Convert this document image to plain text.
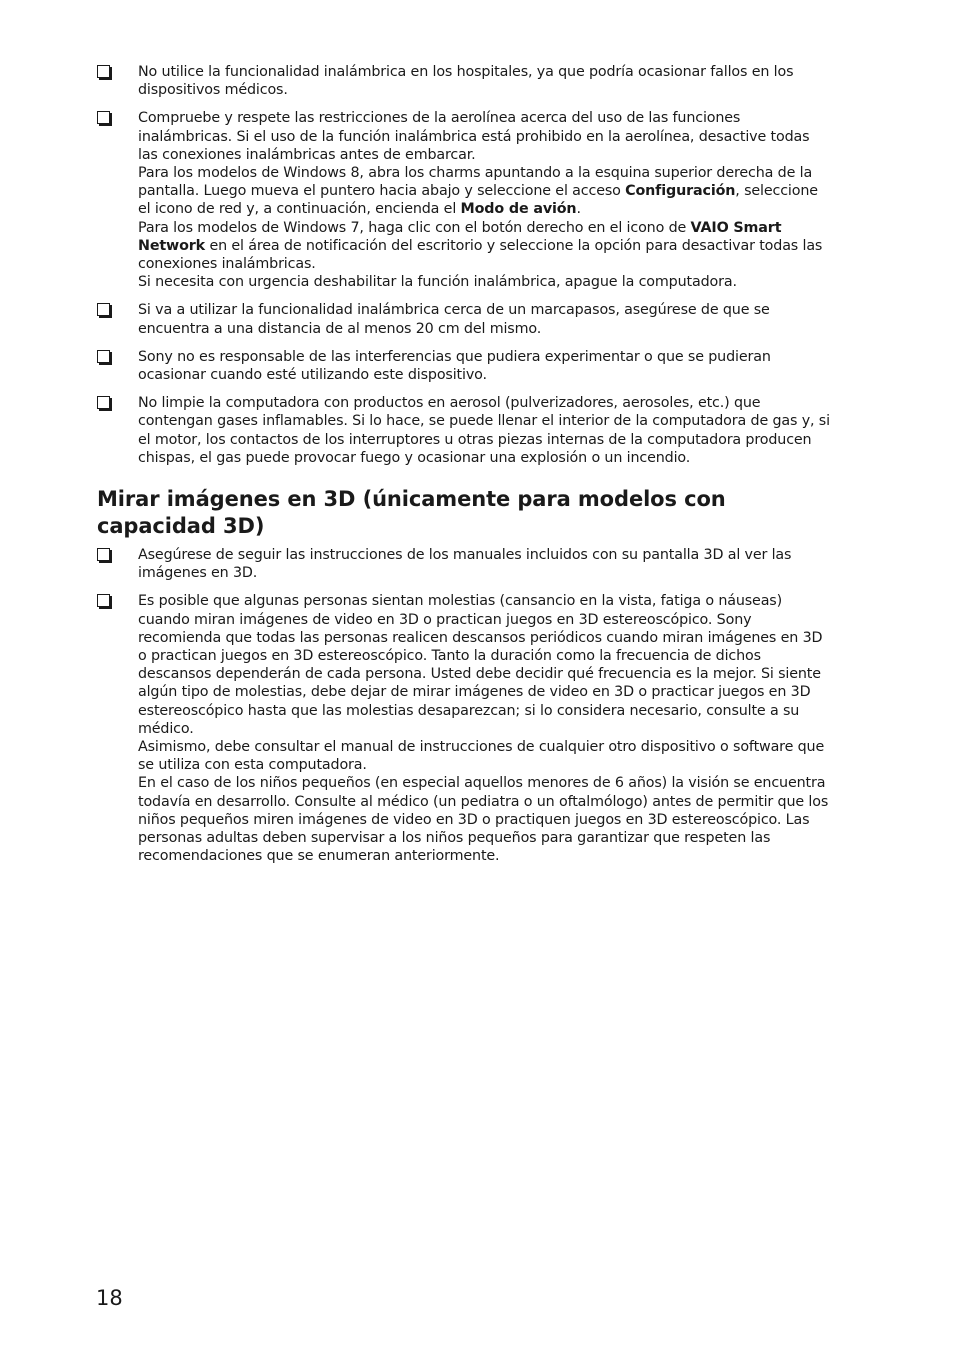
No utilice la funcionalidad inalámbrica en los hospitales, ya que podría ocasionar fallos en los dispositivos médicos.

Compruebe y respete las restricciones de la aerolínea acerca del uso de las funciones inalámbricas. Si el uso de la función inalámbrica está prohibido en la aerolínea, desactive todas las conexiones inalámbricas antes de embarcar.

Para los modelos de Windows 8, abra los charms apuntando a la esquina superior derecha de la pantalla. Luego mueva el puntero hacia abajo y seleccione el acceso Configuración, seleccione el icono de red y, a continuación, encienda el Modo de avión.

Para los modelos de Windows 7, haga clic con el botón derecho en el icono de VAIO Smart Network en el área de notificación del escritorio y seleccione la opción para desactivar todas las conexiones inalámbricas.

Si necesita con urgencia deshabilitar la función inalámbrica, apague la computadora.

Si va a utilizar la funcionalidad inalámbrica cerca de un marcapasos, asegúrese de que se encuentra a una distancia de al menos 20 cm del mismo.

Sony no es responsable de las interferencias que pudiera experimentar o que se pudieran ocasionar cuando esté utilizando este dispositivo.

No limpie la computadora con productos en aerosol (pulverizadores, aerosoles, etc.) que contengan gases inflamables. Si lo hace, se puede llenar el interior de la computadora de gas y, si el motor, los contactos de los interruptores u otras piezas internas de la computadora producen chispas, el gas puede provocar fuego y ocasionar una explosión o un incendio.

Mirar imágenes en 3D (únicamente para modelos con capacidad 3D)

Asegúrese de seguir las instrucciones de los manuales incluidos con su pantalla 3D al ver las imágenes en 3D.

Es posible que algunas personas sientan molestias (cansancio en la vista, fatiga o náuseas) cuando miran imágenes de video en 3D o practican juegos en 3D estereoscópico. Sony recomienda que todas las personas realicen descansos periódicos cuando miran imágenes en 3D o practican juegos en 3D estereoscópico. Tanto la duración como la frecuencia de dichos descansos dependerán de cada persona. Usted debe decidir qué frecuencia es la mejor. Si siente algún tipo de molestias, debe dejar de mirar imágenes de video en 3D o practicar juegos en 3D estereoscópico hasta que las molestias desaparezcan; si lo considera necesario, consulte a su médico.

Asimismo, debe consultar el manual de instrucciones de cualquier otro dispositivo o software que se utiliza con esta computadora.

En el caso de los niños pequeños (en especial aquellos menores de 6 años) la visión se encuentra todavía en desarrollo. Consulte al médico (un pediatra o un oftalmólogo) antes de permitir que los niños pequeños miren imágenes de video en 3D o practiquen juegos en 3D estereoscópico. Las personas adultas deben supervisar a los niños pequeños para garantizar que respeten las recomendaciones que se enumeran anteriormente.

18
